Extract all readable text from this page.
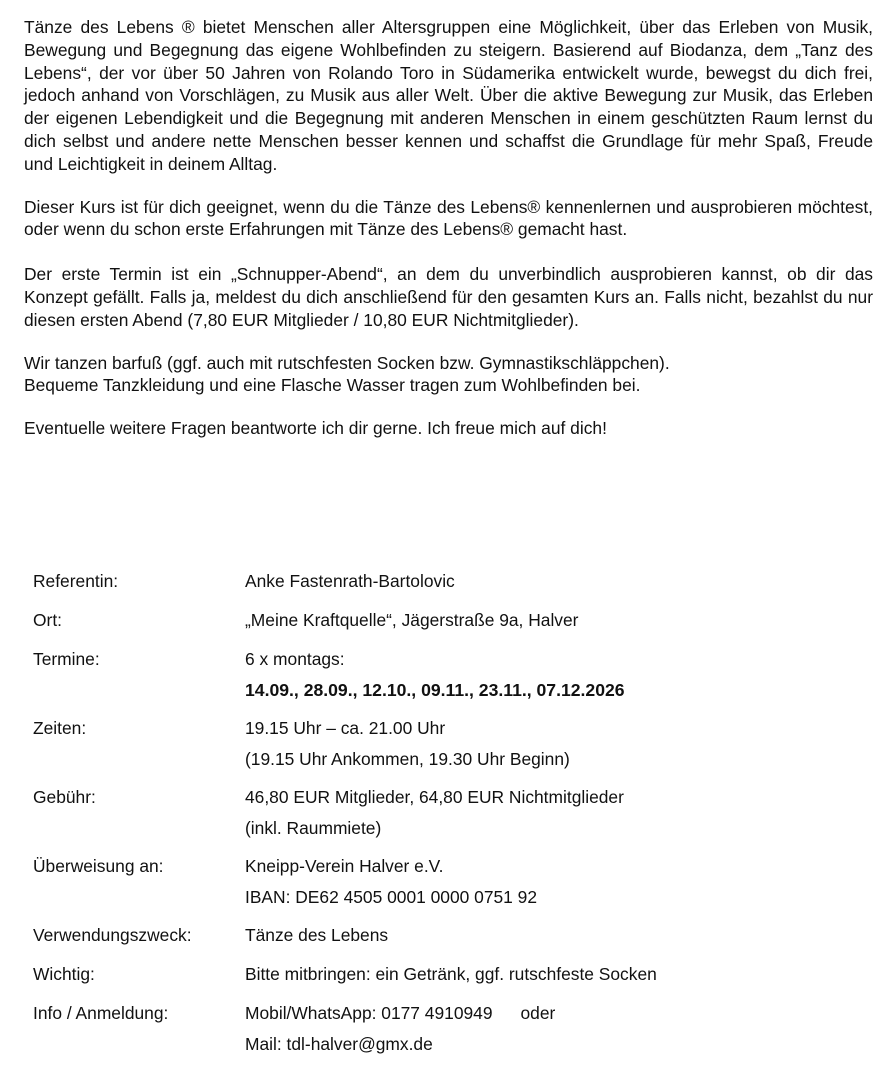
Tänze des Lebens ® bietet Menschen aller Altersgruppen eine Möglichkeit, über das Erleben von Musik, Bewegung und Begegnung das eigene Wohlbefinden zu steigern. Basierend auf Biodanza, dem „Tanz des Lebens“, der vor über 50 Jahren von Rolando Toro in Südamerika entwickelt wurde, bewegst du dich frei, jedoch anhand von Vorschlägen, zu Musik aus aller Welt. Über die aktive Bewegung zur Musik, das Erleben der eigenen Lebendigkeit und die Begegnung mit anderen Menschen in einem geschützten Raum lernst du dich selbst und andere nette Menschen besser kennen und schaffst die Grundlage für mehr Spaß, Freude und Leichtigkeit in deinem Alltag.

Dieser Kurs ist für dich geeignet, wenn du die Tänze des Lebens® kennenlernen und ausprobieren möchtest, oder wenn du schon erste Erfahrungen mit Tänze des Lebens® gemacht hast.

Der erste Termin ist ein „Schnupper-Abend“, an dem du unverbindlich ausprobieren kannst, ob dir das Konzept gefällt. Falls ja, meldest du dich anschließend für den gesamten Kurs an. Falls nicht, bezahlst du nur diesen ersten Abend (7,80 EUR Mitglieder / 10,80 EUR Nichtmitglieder).

Wir tanzen barfuß (ggf. auch mit rutschfesten Socken bzw. Gymnastikschläppchen).
Bequeme Tanzkleidung und eine Flasche Wasser tragen zum Wohlbefinden bei.

Eventuelle weitere Fragen beantworte ich dir gerne. Ich freue mich auf dich!

Referentin:	Anke Fastenrath-Bartolovic
Ort:	„Meine Kraftquelle“, Jägerstraße 9a, Halver
Termine:	6 x montags:
14.09., 28.09., 12.10., 09.11., 23.11., 07.12.2026
Zeiten:	19.15 Uhr – ca. 21.00 Uhr
(19.15 Uhr Ankommen, 19.30 Uhr Beginn)
Gebühr:	46,80 EUR Mitglieder, 64,80 EUR Nichtmitglieder
(inkl. Raummiete)
Überweisung an:	Kneipp-Verein Halver e.V.
IBAN: DE62 4505 0001 0000 0751 92
Verwendungszweck:	Tänze des Lebens
Wichtig:	Bitte mitbringen: ein Getränk, ggf. rutschfeste Socken
Info / Anmeldung:	Mobil/WhatsApp: 0177 4910949 oder
Mail: tdl-halver@gmx.de
